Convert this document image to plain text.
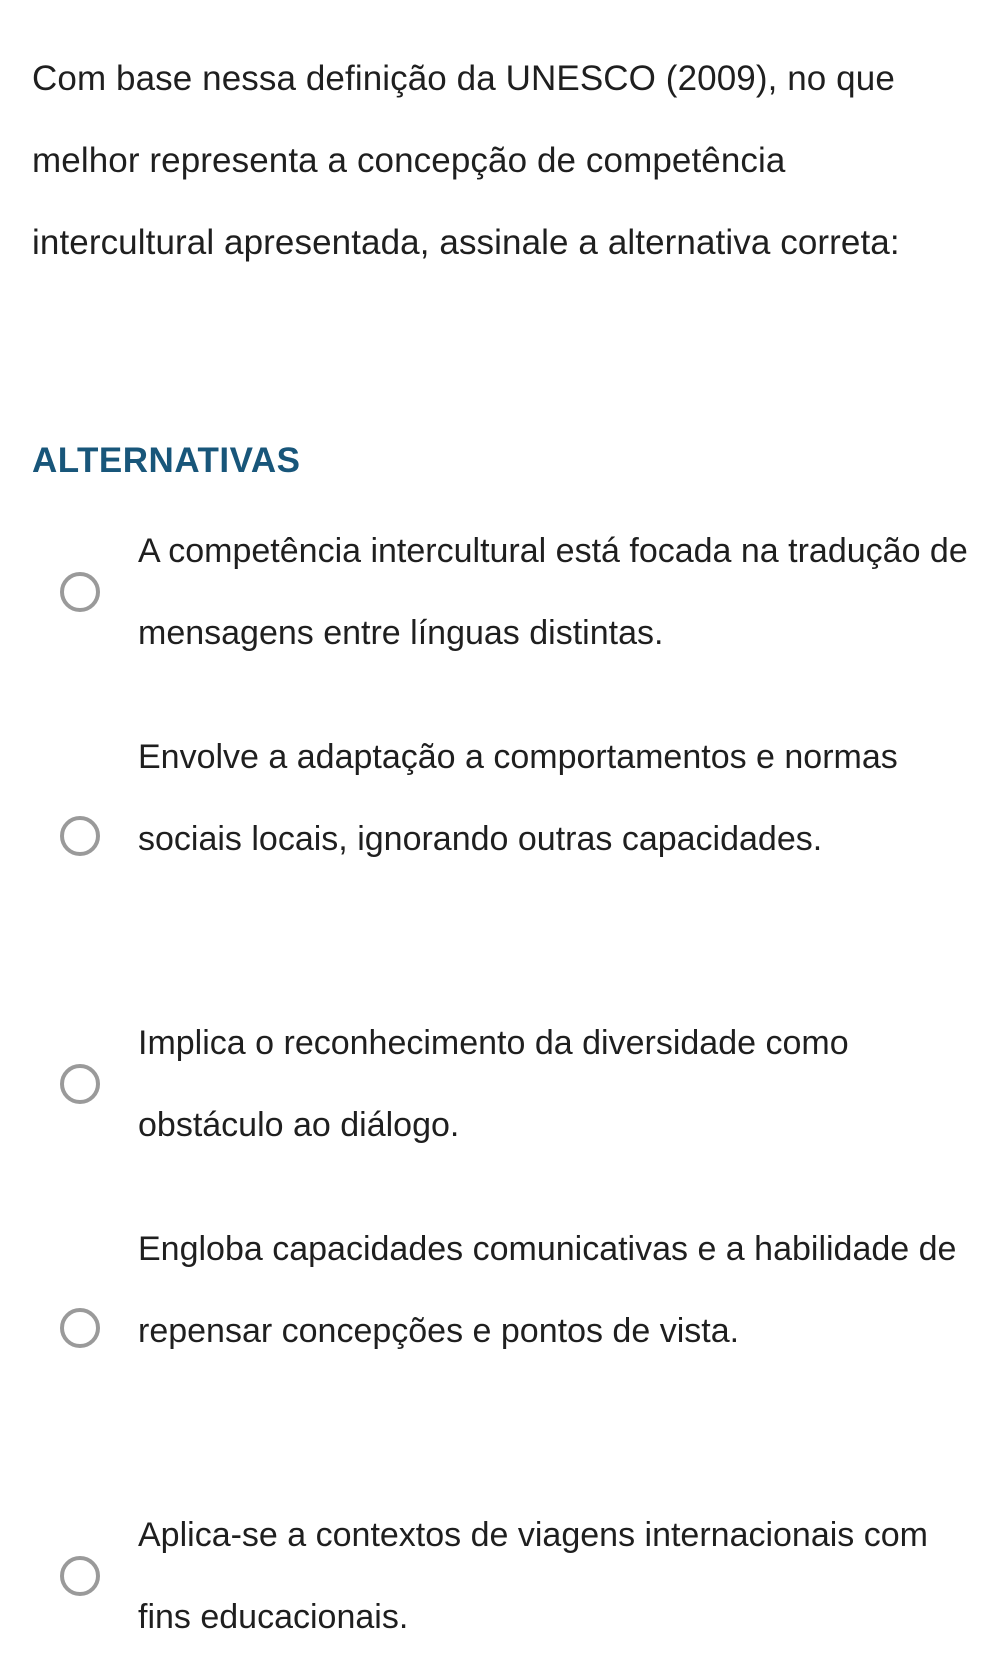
Com base nessa definição da UNESCO (2009), no que melhor representa a concepção de competência intercultural apresentada, assinale a alternativa correta:
ALTERNATIVAS
A competência intercultural está focada na tradução de mensagens entre línguas distintas.
Envolve a adaptação a comportamentos e normas sociais locais, ignorando outras capacidades.
Implica o reconhecimento da diversidade como obstáculo ao diálogo.
Engloba capacidades comunicativas e a habilidade de repensar concepções e pontos de vista.
Aplica-se a contextos de viagens internacionais com fins educacionais.
